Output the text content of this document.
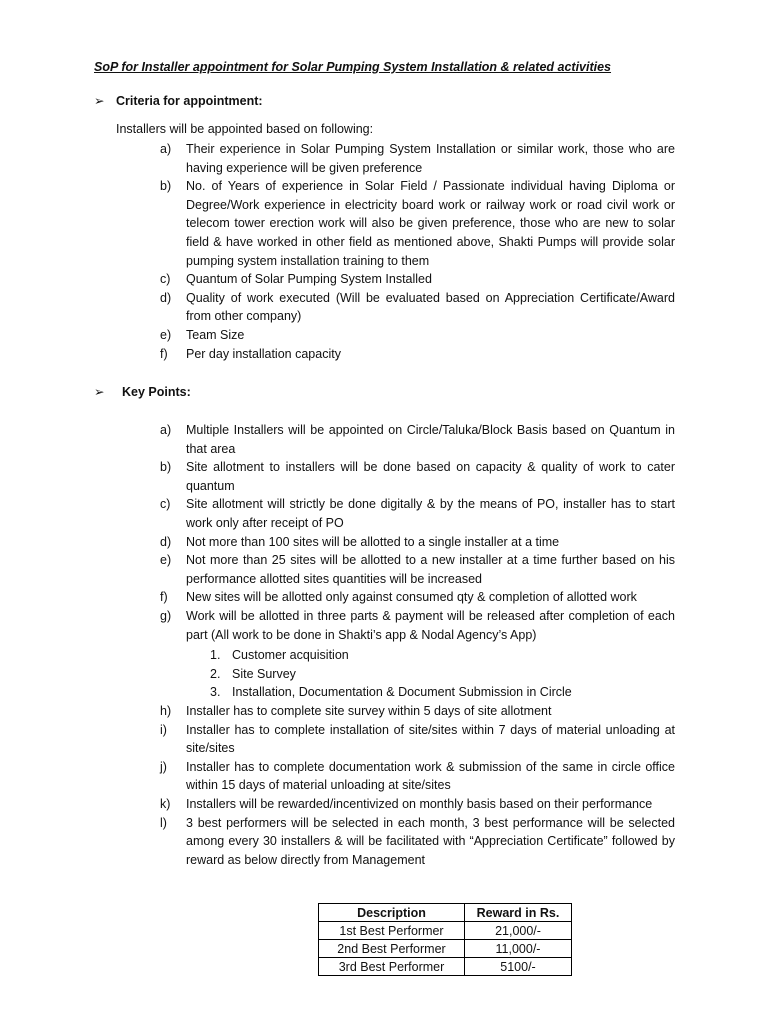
SoP for Installer appointment for Solar Pumping System Installation & related activities
➢ Criteria for appointment:
Installers will be appointed based on following:
a) Their experience in Solar Pumping System Installation or similar work, those who are having experience will be given preference
b) No. of Years of experience in Solar Field / Passionate individual having Diploma or Degree/Work experience in electricity board work or railway work or road civil work or telecom tower erection work will also be given preference, those who are new to solar field & have worked in other field as mentioned above, Shakti Pumps will provide solar pumping system installation training to them
c) Quantum of Solar Pumping System Installed
d) Quality of work executed (Will be evaluated based on Appreciation Certificate/Award from other company)
e) Team Size
f) Per day installation capacity
➢ Key Points:
a) Multiple Installers will be appointed on Circle/Taluka/Block Basis based on Quantum in that area
b) Site allotment to installers will be done based on capacity & quality of work to cater quantum
c) Site allotment will strictly be done digitally & by the means of PO, installer has to start work only after receipt of PO
d) Not more than 100 sites will be allotted to a single installer at a time
e) Not more than 25 sites will be allotted to a new installer at a time further based on his performance allotted sites quantities will be increased
f) New sites will be allotted only against consumed qty & completion of allotted work
g) Work will be allotted in three parts & payment will be released after completion of each part (All work to be done in Shakti’s app & Nodal Agency’s App)
1. Customer acquisition
2. Site Survey
3. Installation, Documentation & Document Submission in Circle
h) Installer has to complete site survey within 5 days of site allotment
i) Installer has to complete installation of site/sites within 7 days of material unloading at site/sites
j) Installer has to complete documentation work & submission of the same in circle office within 15 days of material unloading at site/sites
k) Installers will be rewarded/incentivized on monthly basis based on their performance
l) 3 best performers will be selected in each month, 3 best performance will be selected among every 30 installers & will be facilitated with “Appreciation Certificate” followed by reward as below directly from Management
Description	Reward in Rs.
1st Best Performer	21,000/-
2nd Best Performer	11,000/-
3rd Best Performer	5100/-
